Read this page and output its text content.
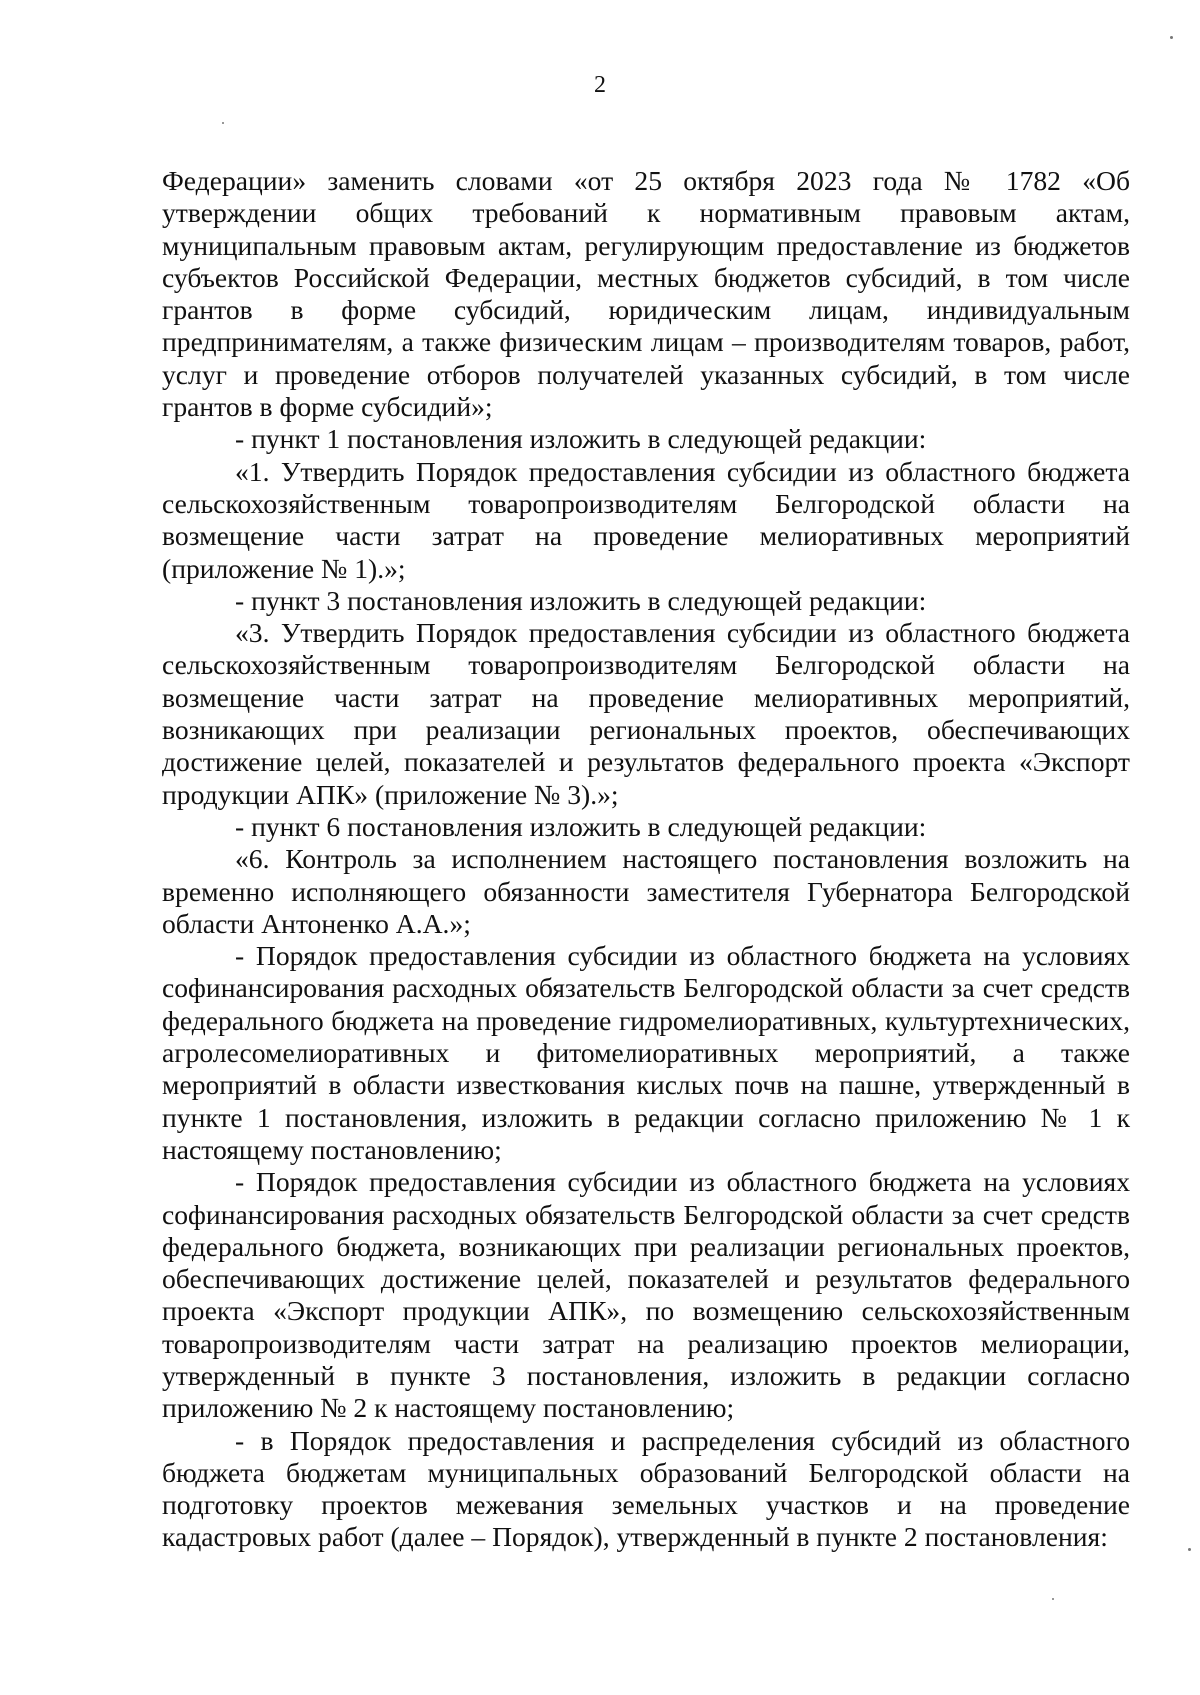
2

Федерации» заменить словами «от 25 октября 2023 года № 1782 «Об утверждении общих требований к нормативным правовым актам, муниципальным правовым актам, регулирующим предоставление из бюджетов субъектов Российской Федерации, местных бюджетов субсидий, в том числе грантов в форме субсидий, юридическим лицам, индивидуальным предпринимателям, а также физическим лицам – производителям товаров, работ, услуг и проведение отборов получателей указанных субсидий, в том числе грантов в форме субсидий»;

- пункт 1 постановления изложить в следующей редакции:

«1. Утвердить Порядок предоставления субсидии из областного бюджета сельскохозяйственным товаропроизводителям Белгородской области на возмещение части затрат на проведение мелиоративных мероприятий (приложение № 1).»;

- пункт 3 постановления изложить в следующей редакции:

«3. Утвердить Порядок предоставления субсидии из областного бюджета сельскохозяйственным товаропроизводителям Белгородской области на возмещение части затрат на проведение мелиоративных мероприятий, возникающих при реализации региональных проектов, обеспечивающих достижение целей, показателей и результатов федерального проекта «Экспорт продукции АПК» (приложение № 3).»;

- пункт 6 постановления изложить в следующей редакции:

«6. Контроль за исполнением настоящего постановления возложить на временно исполняющего обязанности заместителя Губернатора Белгородской области Антоненко А.А.»;

- Порядок предоставления субсидии из областного бюджета на условиях софинансирования расходных обязательств Белгородской области за счет средств федерального бюджета на проведение гидромелиоративных, культуртехнических, агролесомелиоративных и фитомелиоративных мероприятий, а также мероприятий в области известкования кислых почв на пашне, утвержденный в пункте 1 постановления, изложить в редакции согласно приложению № 1 к настоящему постановлению;

- Порядок предоставления субсидии из областного бюджета на условиях софинансирования расходных обязательств Белгородской области за счет средств федерального бюджета, возникающих при реализации региональных проектов, обеспечивающих достижение целей, показателей и результатов федерального проекта «Экспорт продукции АПК», по возмещению сельскохозяйственным товаропроизводителям части затрат на реализацию проектов мелиорации, утвержденный в пункте 3 постановления, изложить в редакции согласно приложению № 2 к настоящему постановлению;

- в Порядок предоставления и распределения субсидий из областного бюджета бюджетам муниципальных образований Белгородской области на подготовку проектов межевания земельных участков и на проведение кадастровых работ (далее – Порядок), утвержденный в пункте 2 постановления:
